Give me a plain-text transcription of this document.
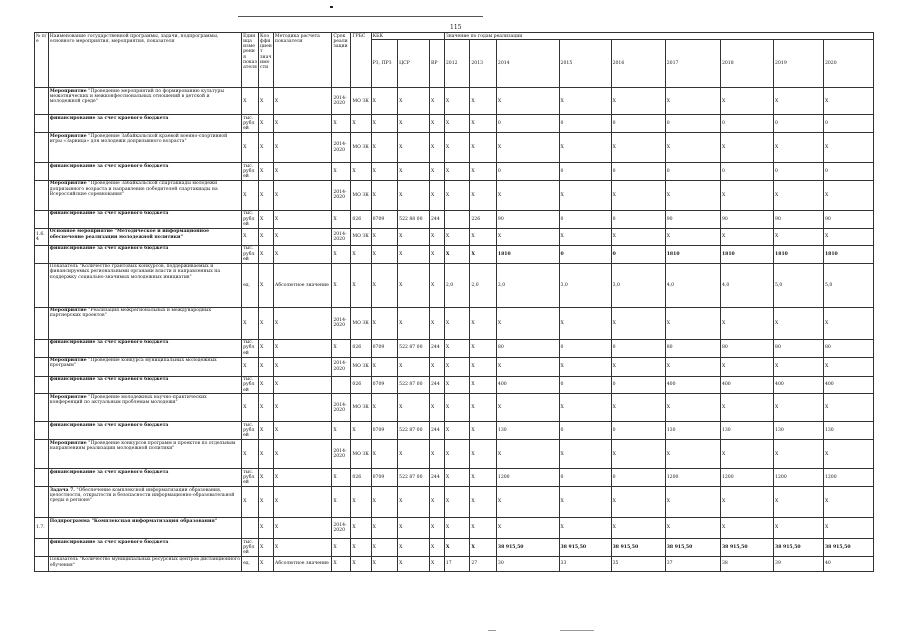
115
№ п/е	Наименование государственной программы, задачи, подпрограммы, основного мероприятия, мероприятия, показателя	Единица измерения показателя	Коэффициент значимости	Методика расчета показателя	Срок реализации	ГРБС	КБК			Значение по годам реализации								
							РЗ, ПРЗ	ЦСР	ВР	2012	2013	2014	2015	2016	2017	2018	2019	2020
	Мероприятие "Проведение мероприятий по формированию культуры межэтнических и межконфессиональных отношений в детской и молодежной среде"	X	X	X	2014-2020	МО ЗК	X	X	X	X	X	X	X	X	X	X	X	X
	финансирование за счет краевого бюджета	тыс. рублей	X	X	X	X	X	X	X	X	X	0	0	0	0	0	0	0
	Мероприятие "Проведение Забайкальской краевой военно-спортивной игры «Зарница» для молодежи допризывного возраста"	X	X	X	2014-2020	МО ЗК	X	X	X	X	X	X	X	X	X	X	X	X
	финансирование за счет краевого бюджета	тыс. рублей	X	X	X	X	X	X	X	X	X	0	0	0	0	0	0	0
	Мероприятие "Проведение Забайкальской спартакиады молодежи допризывного возраста и направление победителей спартакиады на Всероссийские соревнования"	X	X	X	2014-2020	МО ЗК	X	X	X	X	X	X	X	X	X	X	X	X
	финансирование за счет краевого бюджета	тыс. рублей	X	X	X	026	0709	522 88 00	244		226	90	0	0	90	90	90	90
1.6.4	Основное мероприятие "Методическое и информационное обеспечение реализации молодежной политики"	X	X	X	2014-2020	МО ЗК	X	X	X	X	X	X	X	X	X	X	X	X
	финансирование за счет краевого бюджета	тыс. рублей	X	X	X	X	X	X	X	X	X	1810	0	0	1810	1810	1810	1810
	Показатель "Количество грантовых конкурсов, поддерживаемых и финансируемых региональными органами власти и направленных на поддержку социально-значимых молодежных инициатив"	ед.	X	Абсолютное значение	X	X	X	X	X	2,0	2,0	2,0	3,0	3,0	4,0	4,0	5,0	5,0
	Мероприятие "Реализация межрегиональных и международных партнерских проектов"	X	X	X	2014-2020	МО ЗК	X	X	X	X	X	X	X	X	X	X	X	X
	финансирование за счет краевого бюджета	тыс. рублей	X	X	X	026	0709	522 87 00	244	X	X	80	0	0	80	80	80	80
	Мероприятие "Проведение конкурса муниципальных молодежных программ"	X	X	X	2014-2020	МО ЗК	X	X	X	X	X	X	X	X	X	X	X	X
	финансирование за счет краевого бюджета	тыс. рублей	X	X		026	0709	522 87 00	244	X	X	400	0	0	400	400	400	400
	Мероприятие "Проведение молодежных научно-практических конференций по актуальным проблемам молодежи"	X	X	X	2014-2020	МО ЗК	X	X	X	X	X	X	X	X	X	X	X	X
	финансирование за счет краевого бюджета	тыс. рублей	X	X	X	X	0709	522 87 00	244	X	X	130	0	0	130	130	130	130
	Мероприятие "Проведение конкурсов программ и проектов по отдельным направлениям реализации молодежной политики"	X	X	X	2014-2020	МО ЗК	X	X	X	X	X	X	X	X	X	X	X	X
	финансирование за счет краевого бюджета	тыс. рублей	X	X	X	026	0709	522 87 00	244	X	X	1200	0	0	1200	1200	1200	1200
	Задача 7. "Обеспечение комплексной информатизации образования, целостности, открытости и безопасности информационно-образовательной среды в регионе"	X	X	X	X	X	X	X	X	X	X	X	X	X	X	X	X	X
1.7.	Подпрограмма "Комплексная информатизация образования"		X	X	2014-2020	X	X	X	X	X	X	X	X	X	X	X	X	X
	финансирование за счет краевого бюджета	тыс. рублей	X	X	X	X	X	X	X	X	X	38 915,50	38 915,50	38 915,50	38 915,50	38 915,50	38 915,50	38 915,50
	Показатель "Количество муниципальных ресурсных центров дистанционного обучения"	ед.	X	Абсолютное значение	X	X	X	X	X	17	27	30	33	35	37	38	39	40
